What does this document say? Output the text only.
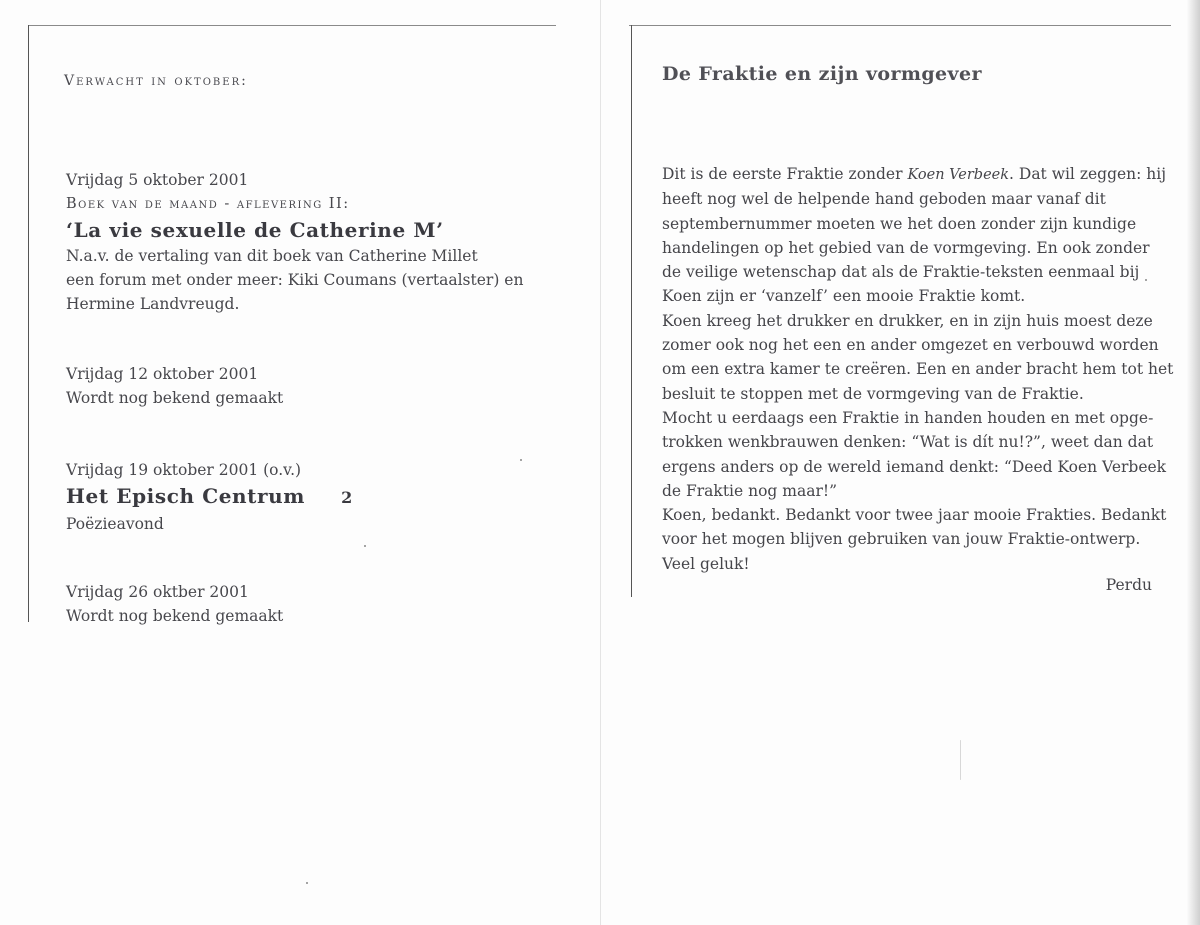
Verwacht in oktober:
Vrijdag 5 oktober 2001
Boek van de maand - aflevering II:
‘La vie sexuelle de Catherine M’
N.a.v. de vertaling van dit boek van Catherine Millet
een forum met onder meer: Kiki Coumans (vertaalster) en
Hermine Landvreugd.
Vrijdag 12 oktober 2001
Wordt nog bekend gemaakt
Vrijdag 19 oktober 2001 (o.v.)
Het Episch Centrum 2
Poëzieavond
Vrijdag 26 oktber 2001
Wordt nog bekend gemaakt
De Fraktie en zijn vormgever
Dit is de eerste Fraktie zonder Koen Verbeek. Dat wil zeggen: hij
heeft nog wel de helpende hand geboden maar vanaf dit
septembernummer moeten we het doen zonder zijn kundige
handelingen op het gebied van de vormgeving. En ook zonder
de veilige wetenschap dat als de Fraktie-teksten eenmaal bij
Koen zijn er ‘vanzelf’ een mooie Fraktie komt.
Koen kreeg het drukker en drukker, en in zijn huis moest deze
zomer ook nog het een en ander omgezet en verbouwd worden
om een extra kamer te creëren. Een en ander bracht hem tot het
besluit te stoppen met de vormgeving van de Fraktie.
Mocht u eerdaags een Fraktie in handen houden en met opge-
trokken wenkbrauwen denken: “Wat is dít nu!?”, weet dan dat
ergens anders op de wereld iemand denkt: “Deed Koen Verbeek
de Fraktie nog maar!”
Koen, bedankt. Bedankt voor twee jaar mooie Frakties. Bedankt
voor het mogen blijven gebruiken van jouw Fraktie-ontwerp.
Veel geluk!
Perdu
